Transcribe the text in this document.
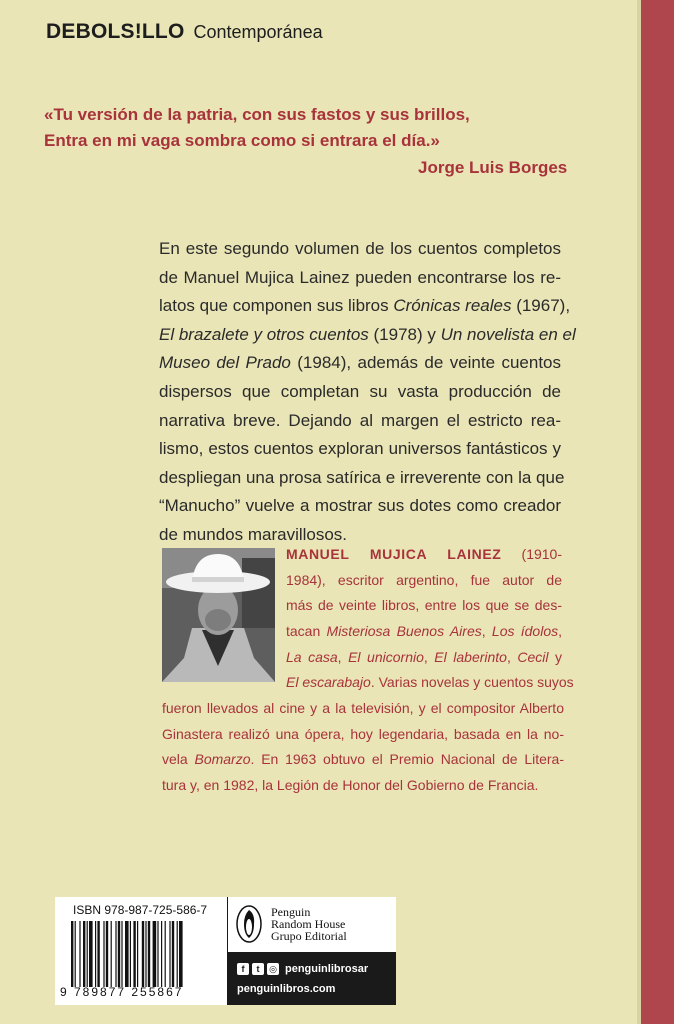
DEBOLS!LLO Contemporánea
«Tu versión de la patria, con sus fastos y sus brillos,
Entra en mi vaga sombra como si entrara el día.»
Jorge Luis Borges
En este segundo volumen de los cuentos completos
de Manuel Mujica Lainez pueden encontrarse los re-
latos que componen sus libros Crónicas reales (1967),
El brazalete y otros cuentos (1978) y Un novelista en el
Museo del Prado (1984), además de veinte cuentos
dispersos que completan su vasta producción de
narrativa breve. Dejando al margen el estricto rea-
lismo, estos cuentos exploran universos fantásticos y
despliegan una prosa satírica e irreverente con la que
“Manucho” vuelve a mostrar sus dotes como creador
de mundos maravillosos.
MANUEL MUJICA LAINEZ (1910-
1984), escritor argentino, fue autor de
más de veinte libros, entre los que se des-
tacan Misteriosa Buenos Aires, Los ídolos,
La casa, El unicornio, El laberinto, Cecil y
El escarabajo. Varias novelas y cuentos suyos
fueron llevados al cine y a la televisión, y el compositor Alberto
Ginastera realizó una ópera, hoy legendaria, basada en la no-
vela Bomarzo. En 1963 obtuvo el Premio Nacional de Litera-
tura y, en 1982, la Legión de Honor del Gobierno de Francia.
ISBN 978-987-725-586-7
9 789877 255867
Penguin
Random House
Grupo Editorial
f	t	◎ penguinlibrosar
penguinlibros.com
